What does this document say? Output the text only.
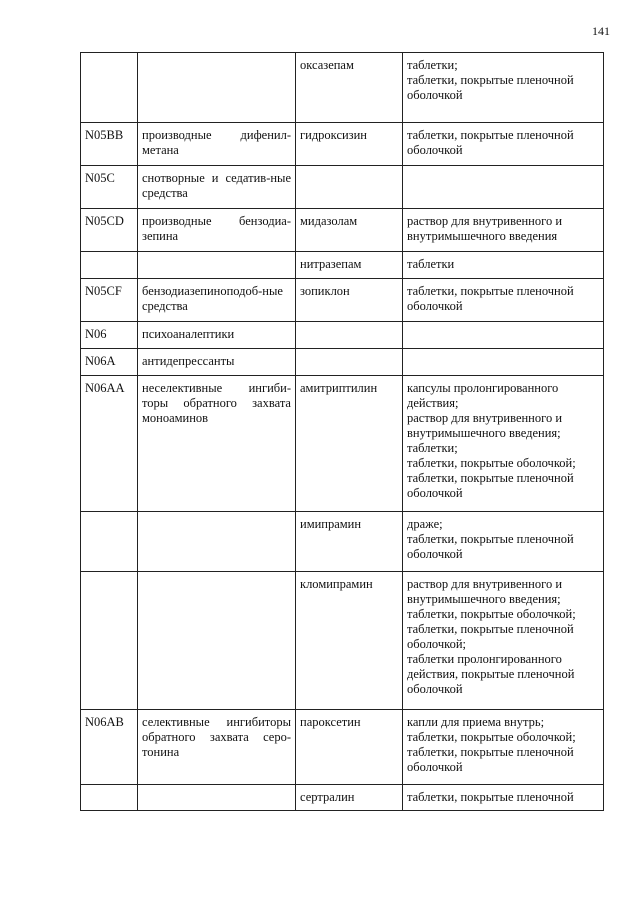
141
		оксазепам	таблетки;
таблетки, покрытые пленочной оболочкой
N05BB	производные дифенил-метана	гидроксизин	таблетки, покрытые пленочной оболочкой
N05C	снотворные и седатив-ные средства		
N05CD	производные бензодиа-зепина	мидазолам	раствор для внутривенного и внутримышечного введения
		нитразепам	таблетки
N05CF	бензодиазепиноподоб-ные средства	зопиклон	таблетки, покрытые пленочной оболочкой
N06	психоаналептики		
N06A	антидепрессанты		
N06AA	неселективные ингиби-торы обратного захвата моноаминов	амитриптилин	капсулы пролонгированного действия;
раствор для внутривенного и внутримышечного введения;
таблетки;
таблетки, покрытые оболочкой;
таблетки, покрытые пленочной оболочкой
		имипрамин	драже;
таблетки, покрытые пленочной оболочкой
		кломипрамин	раствор для внутривенного и внутримышечного введения;
таблетки, покрытые оболочкой;
таблетки, покрытые пленочной оболочкой;
таблетки пролонгированного действия, покрытые пленочной оболочкой
N06AB	селективные ингибиторы обратного захвата серо-тонина	пароксетин	капли для приема внутрь;
таблетки, покрытые оболочкой;
таблетки, покрытые пленочной оболочкой
		сертралин	таблетки, покрытые пленочной
